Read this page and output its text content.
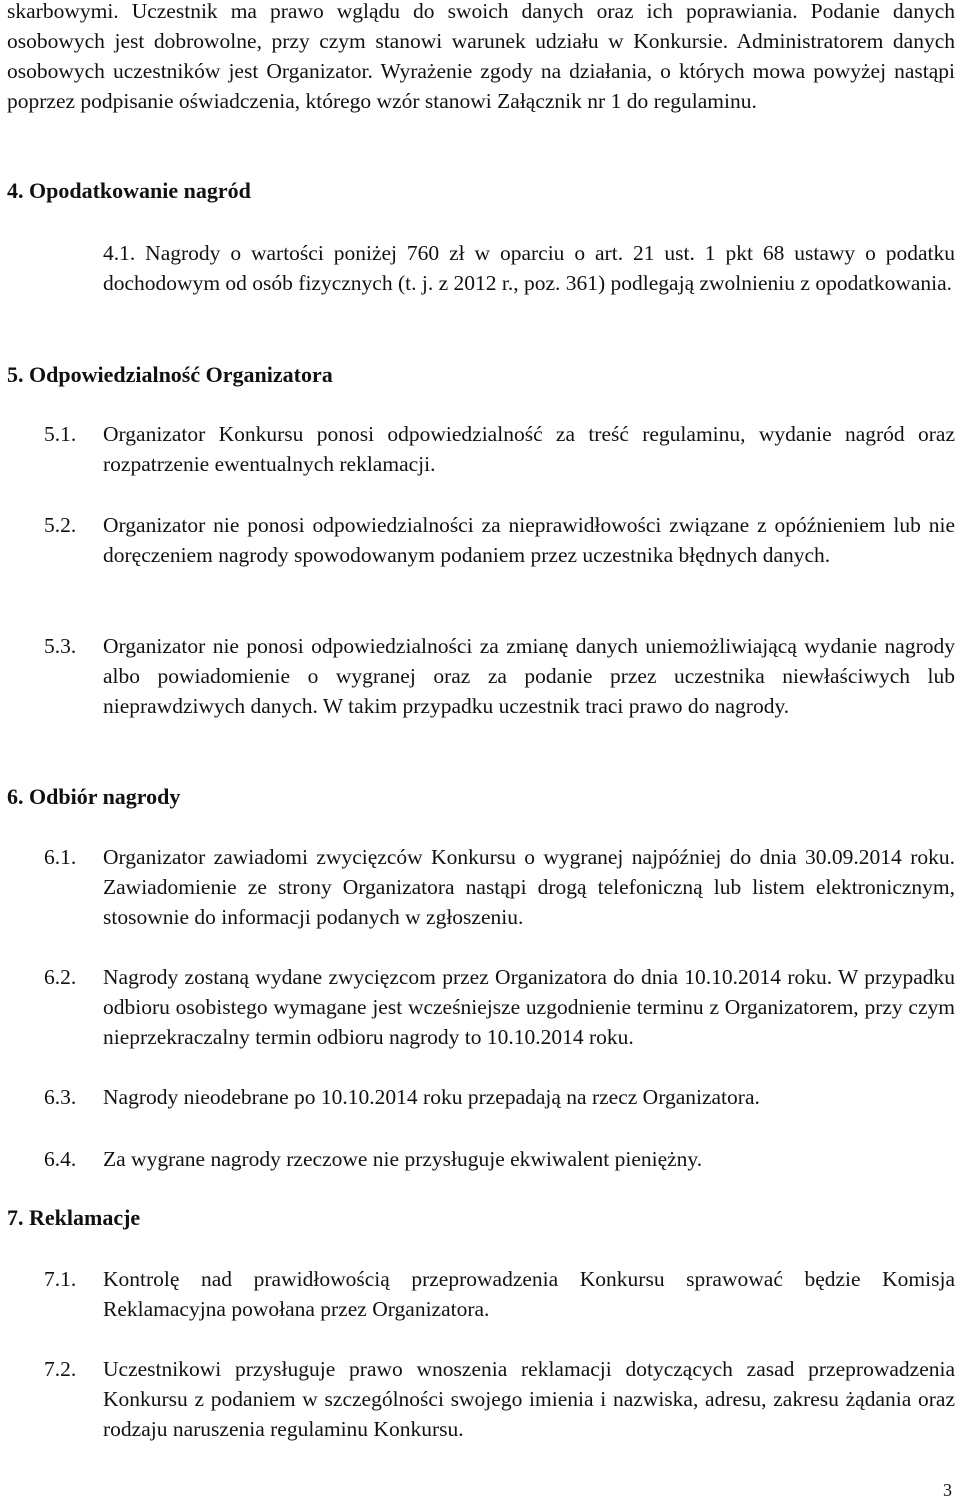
skarbowymi. Uczestnik ma prawo wglądu do swoich danych oraz ich poprawiania. Podanie danych osobowych jest dobrowolne, przy czym stanowi warunek udziału w Konkursie. Administratorem danych osobowych uczestników jest Organizator. Wyrażenie zgody na działania, o których mowa powyżej nastąpi poprzez podpisanie oświadczenia, którego wzór stanowi Załącznik nr 1 do regulaminu.

4. Opodatkowanie nagród
4.1. Nagrody o wartości poniżej 760 zł w oparciu o art. 21 ust. 1 pkt 68 ustawy o podatku dochodowym od osób fizycznych (t. j. z 2012 r., poz. 361) podlegają zwolnieniu z opodatkowania.
5. Odpowiedzialność Organizatora
5.1. Organizator Konkursu ponosi odpowiedzialność za treść regulaminu, wydanie nagród oraz rozpatrzenie ewentualnych reklamacji.
5.2. Organizator nie ponosi odpowiedzialności za nieprawidłowości związane z opóźnieniem lub nie doręczeniem nagrody spowodowanym podaniem przez uczestnika błędnych danych.
5.3. Organizator nie ponosi odpowiedzialności za zmianę danych uniemożliwiającą wydanie nagrody albo powiadomienie o wygranej oraz za podanie przez uczestnika niewłaściwych lub nieprawdziwych danych. W takim przypadku uczestnik traci prawo do nagrody.
6. Odbiór nagrody
6.1. Organizator zawiadomi zwycięzców Konkursu o wygranej najpóźniej do dnia 30.09.2014 roku. Zawiadomienie ze strony Organizatora nastąpi drogą telefoniczną lub listem elektronicznym, stosownie do informacji podanych w zgłoszeniu.
6.2. Nagrody zostaną wydane zwycięzcom przez Organizatora do dnia 10.10.2014 roku. W przypadku odbioru osobistego wymagane jest wcześniejsze uzgodnienie terminu z Organizatorem, przy czym nieprzekraczalny termin odbioru nagrody to 10.10.2014 roku.
6.3. Nagrody nieodebrane po 10.10.2014 roku przepadają na rzecz Organizatora.
6.4. Za wygrane nagrody rzeczowe nie przysługuje ekwiwalent pieniężny.
7. Reklamacje
7.1. Kontrolę nad prawidłowością przeprowadzenia Konkursu sprawować będzie Komisja Reklamacyjna powołana przez Organizatora.
7.2. Uczestnikowi przysługuje prawo wnoszenia reklamacji dotyczących zasad przeprowadzenia Konkursu z podaniem w szczególności swojego imienia i nazwiska, adresu, zakresu żądania oraz rodzaju naruszenia regulaminu Konkursu.
3
